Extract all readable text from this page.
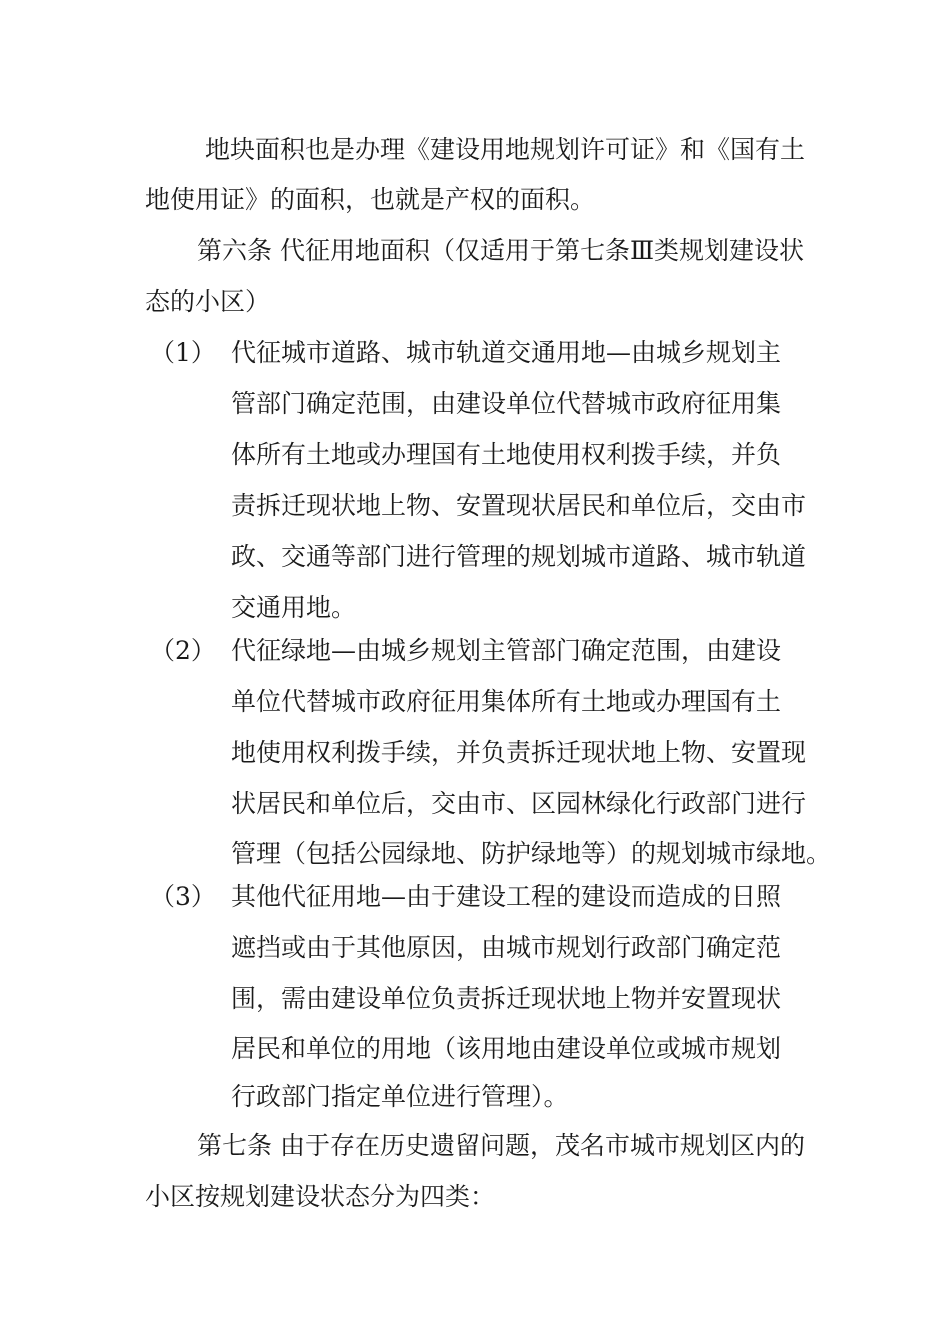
地块面积也是办理《建设用地规划许可证》和《国有土
地使用证》的面积，也就是产权的面积。
第六条 代征用地面积（仅适用于第七条Ⅲ类规划建设状
态的小区）
（1） 代征城市道路、城市轨道交通用地—由城乡规划主
管部门确定范围，由建设单位代替城市政府征用集
体所有土地或办理国有土地使用权利拨手续，并负
责拆迁现状地上物、安置现状居民和单位后，交由市
政、交通等部门进行管理的规划城市道路、城市轨道
交通用地。
（2） 代征绿地—由城乡规划主管部门确定范围，由建设
单位代替城市政府征用集体所有土地或办理国有土
地使用权利拨手续，并负责拆迁现状地上物、安置现
状居民和单位后，交由市、区园林绿化行政部门进行
管理（包括公园绿地、防护绿地等）的规划城市绿地。
（3） 其他代征用地—由于建设工程的建设而造成的日照
遮挡或由于其他原因，由城市规划行政部门确定范
围，需由建设单位负责拆迁现状地上物并安置现状
居民和单位的用地（该用地由建设单位或城市规划
行政部门指定单位进行管理）。
第七条 由于存在历史遗留问题，茂名市城市规划区内的
小区按规划建设状态分为四类：
